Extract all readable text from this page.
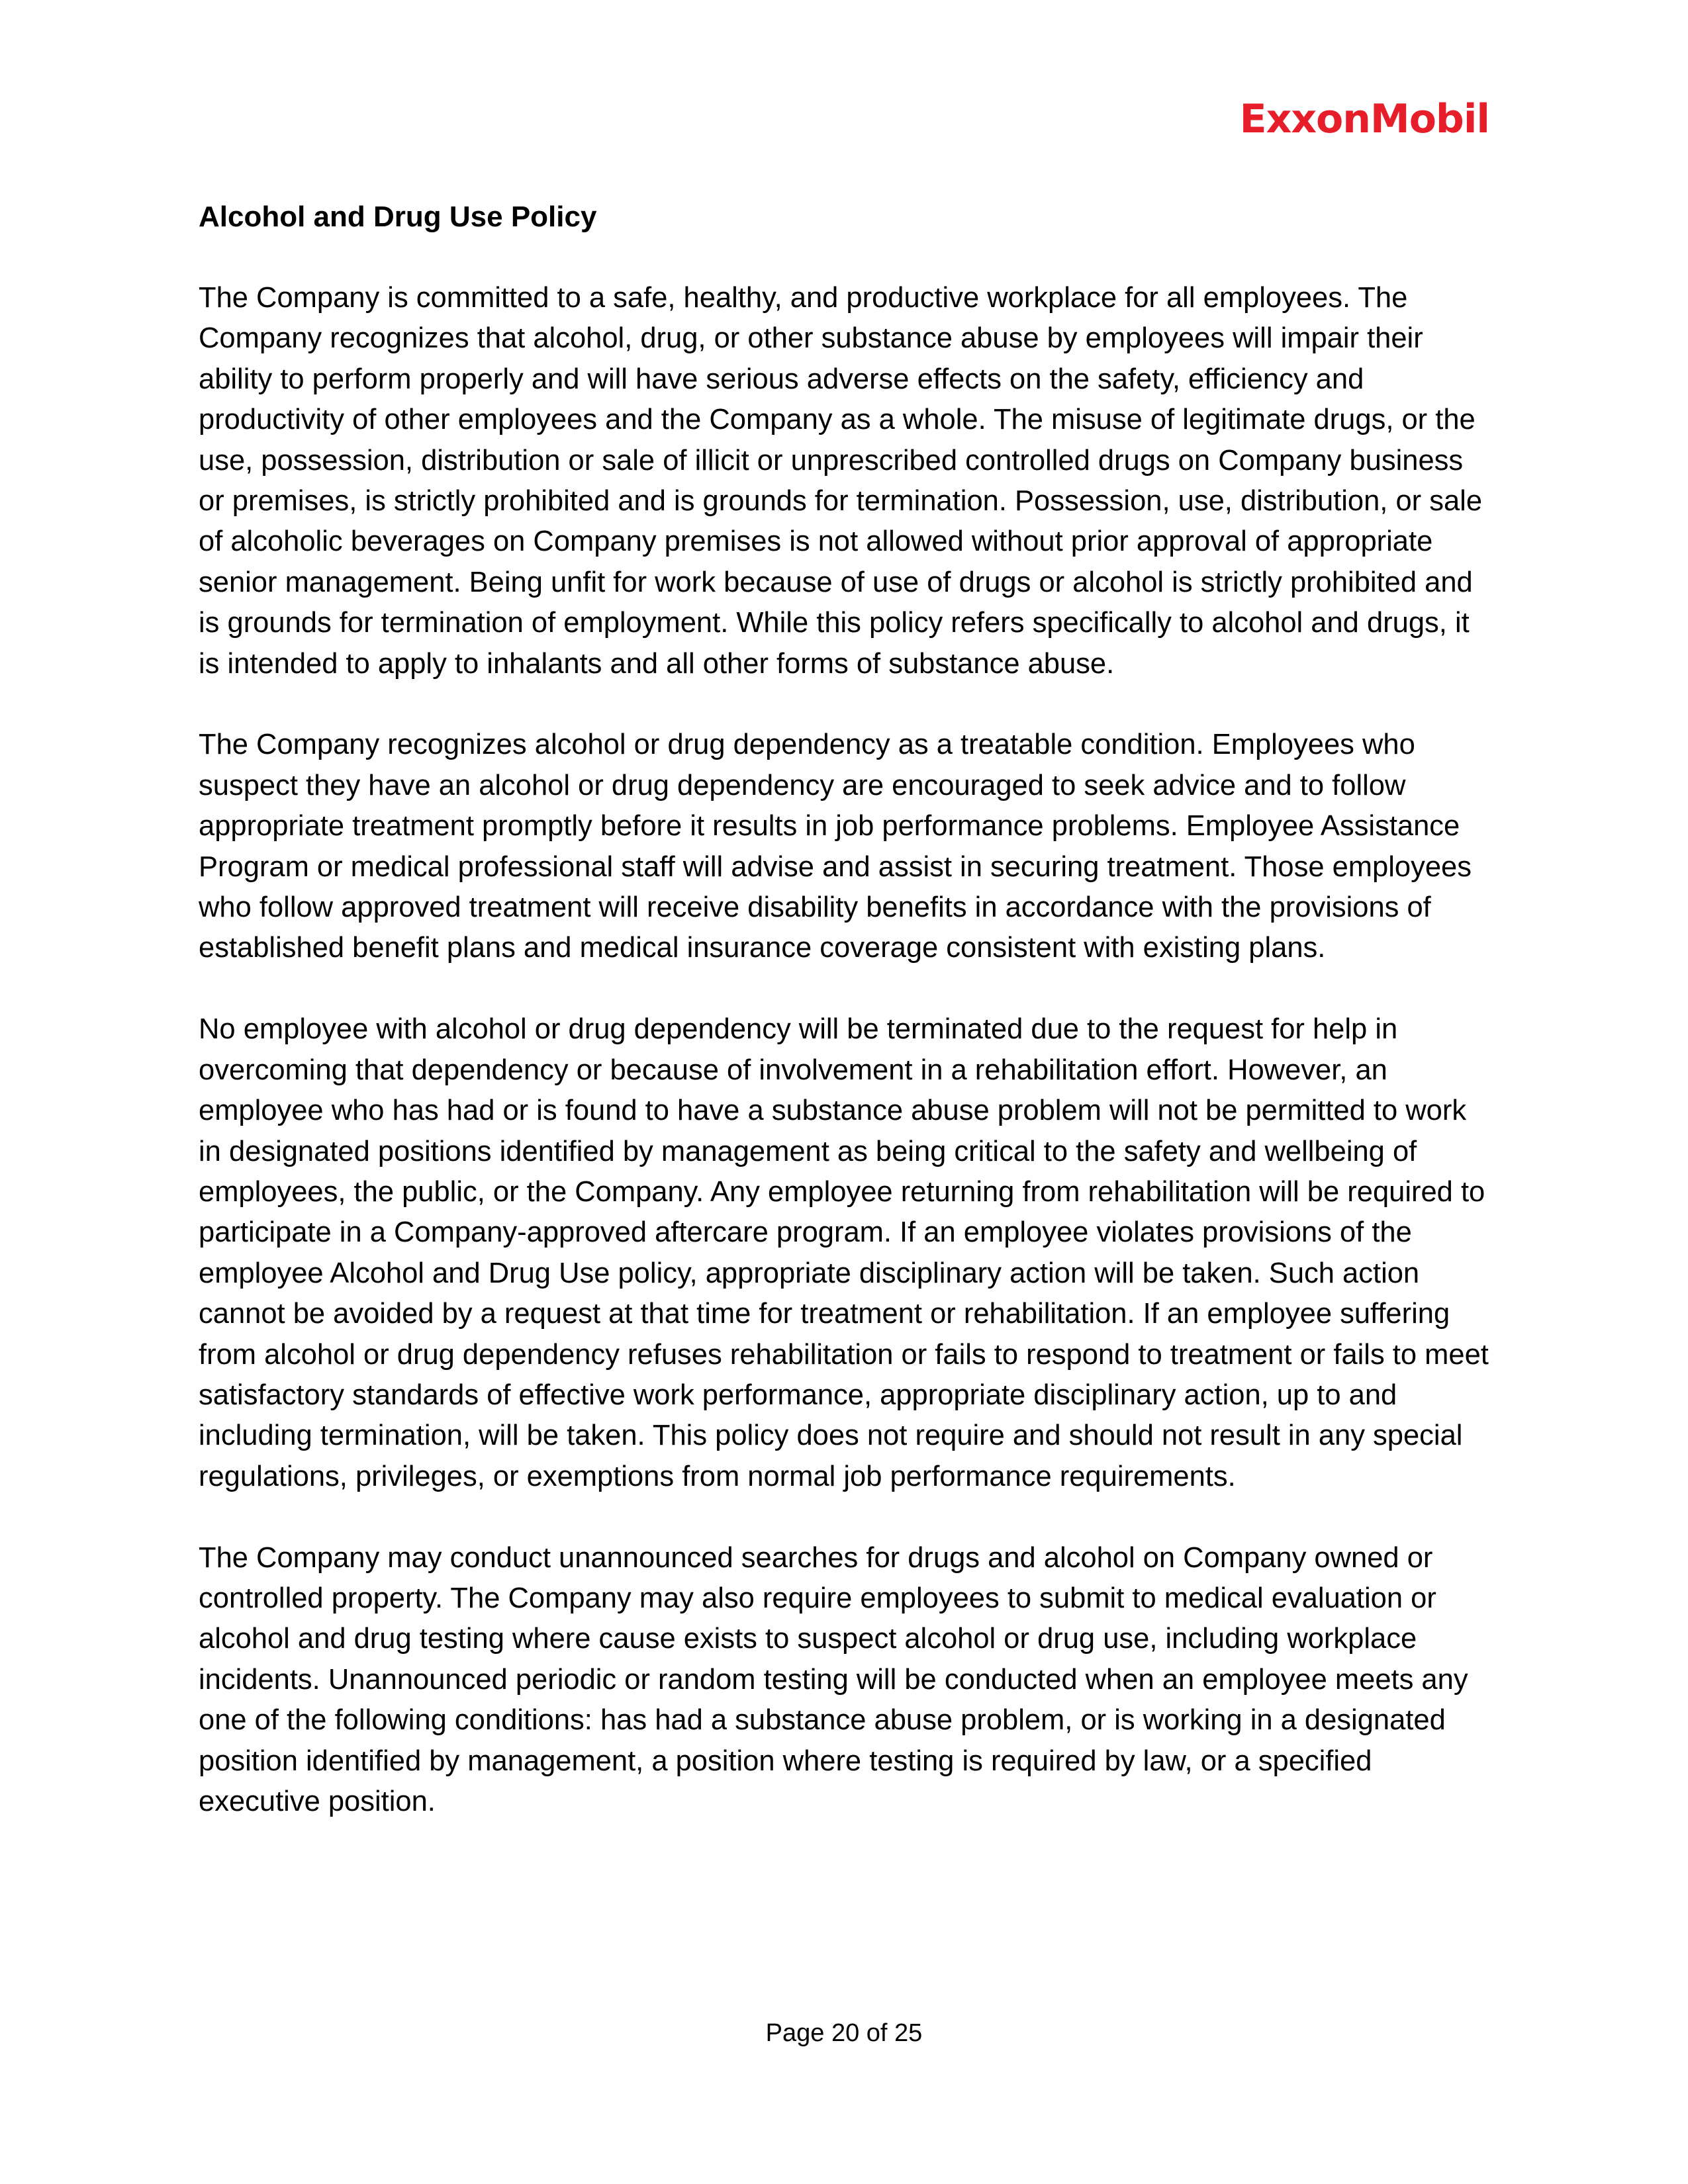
ExxonMobil
Alcohol and Drug Use Policy

The Company is committed to a safe, healthy, and productive workplace for all employees. The Company recognizes that alcohol, drug, or other substance abuse by employees will impair their ability to perform properly and will have serious adverse effects on the safety, efficiency and productivity of other employees and the Company as a whole. The misuse of legitimate drugs, or the use, possession, distribution or sale of illicit or unprescribed controlled drugs on Company business or premises, is strictly prohibited and is grounds for termination. Possession, use, distribution, or sale of alcoholic beverages on Company premises is not allowed without prior approval of appropriate senior management. Being unfit for work because of use of drugs or alcohol is strictly prohibited and is grounds for termination of employment. While this policy refers specifically to alcohol and drugs, it is intended to apply to inhalants and all other forms of substance abuse.

The Company recognizes alcohol or drug dependency as a treatable condition. Employees who suspect they have an alcohol or drug dependency are encouraged to seek advice and to follow appropriate treatment promptly before it results in job performance problems. Employee Assistance Program or medical professional staff will advise and assist in securing treatment. Those employees who follow approved treatment will receive disability benefits in accordance with the provisions of established benefit plans and medical insurance coverage consistent with existing plans.

No employee with alcohol or drug dependency will be terminated due to the request for help in overcoming that dependency or because of involvement in a rehabilitation effort. However, an employee who has had or is found to have a substance abuse problem will not be permitted to work in designated positions identified by management as being critical to the safety and wellbeing of employees, the public, or the Company. Any employee returning from rehabilitation will be required to participate in a Company-approved aftercare program. If an employee violates provisions of the employee Alcohol and Drug Use policy, appropriate disciplinary action will be taken. Such action cannot be avoided by a request at that time for treatment or rehabilitation. If an employee suffering from alcohol or drug dependency refuses rehabilitation or fails to respond to treatment or fails to meet satisfactory standards of effective work performance, appropriate disciplinary action, up to and including termination, will be taken. This policy does not require and should not result in any special regulations, privileges, or exemptions from normal job performance requirements.

The Company may conduct unannounced searches for drugs and alcohol on Company owned or controlled property. The Company may also require employees to submit to medical evaluation or alcohol and drug testing where cause exists to suspect alcohol or drug use, including workplace incidents. Unannounced periodic or random testing will be conducted when an employee meets any one of the following conditions: has had a substance abuse problem, or is working in a designated position identified by management, a position where testing is required by law, or a specified executive position.

Page 20 of 25
